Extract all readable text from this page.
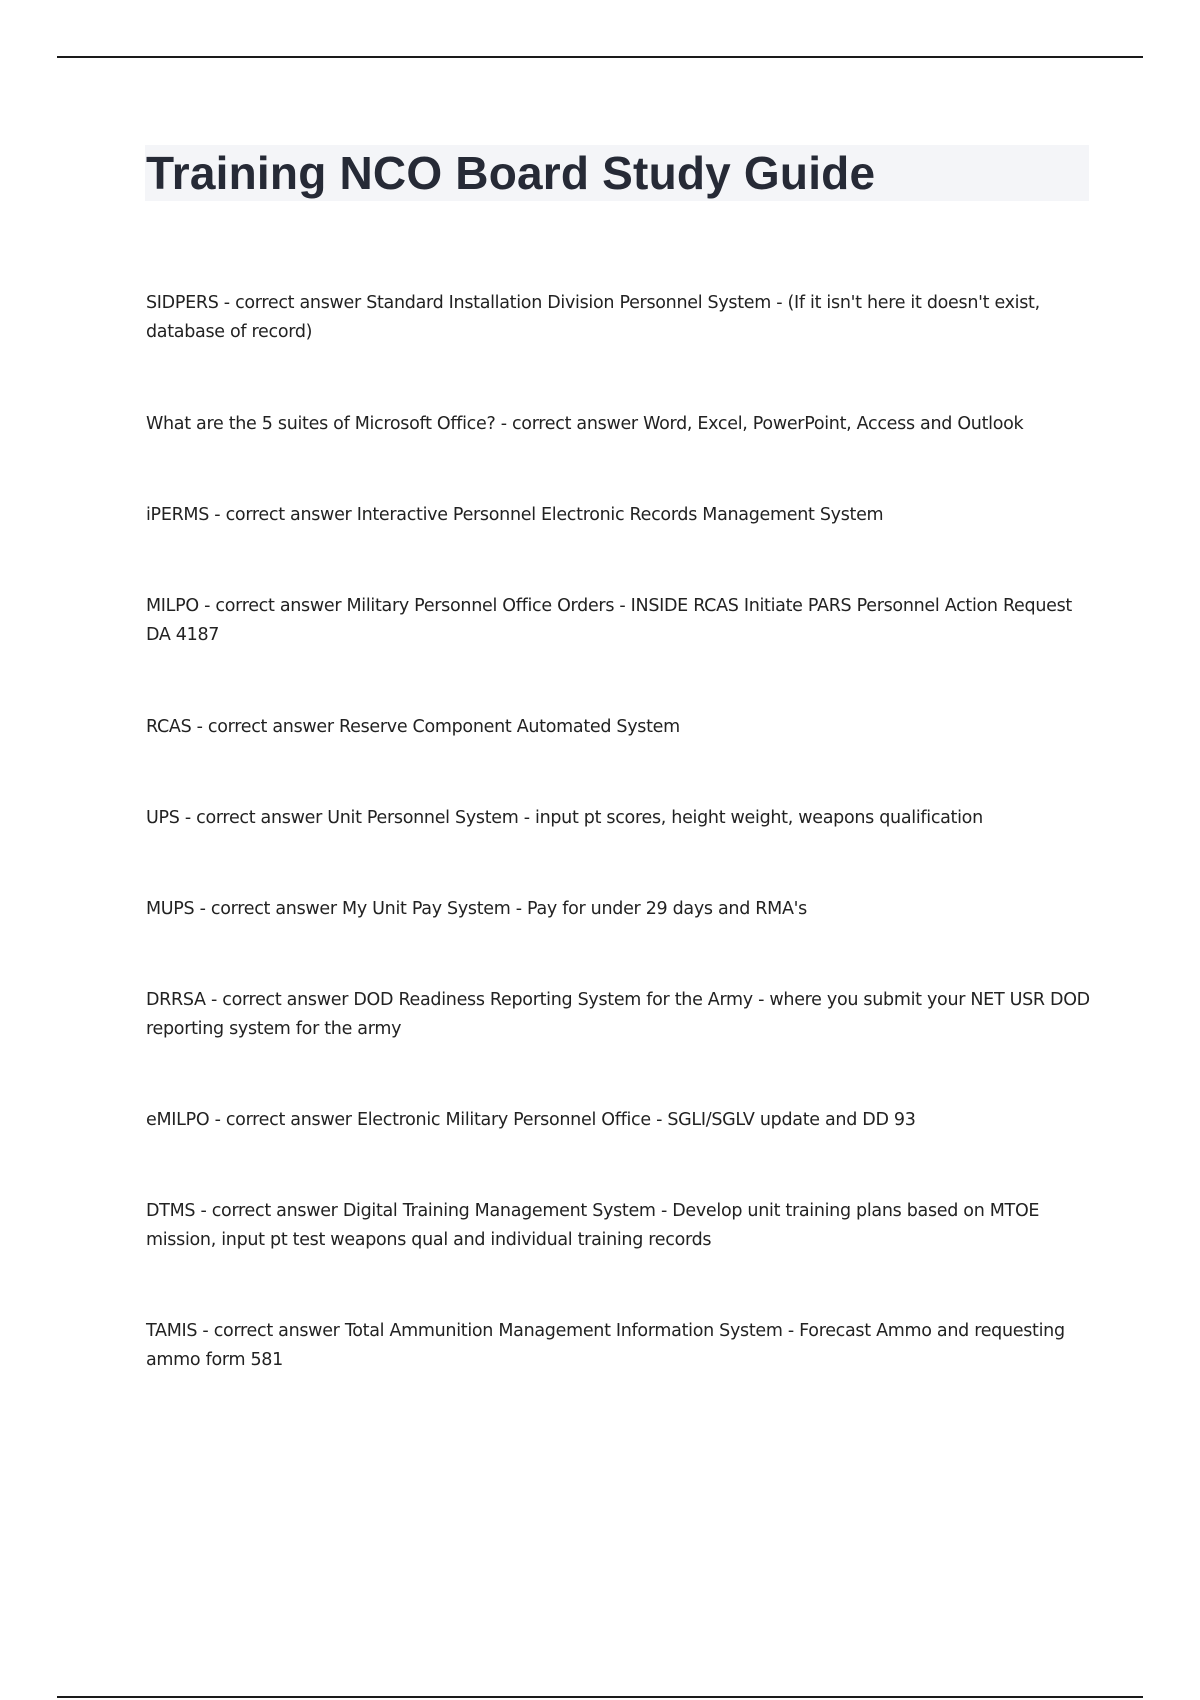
Training NCO Board Study Guide
SIDPERS - correct answer Standard Installation Division Personnel System - (If it isn't here it doesn't exist, database of record)
What are the 5 suites of Microsoft Office? - correct answer Word, Excel, PowerPoint, Access and Outlook
iPERMS - correct answer Interactive Personnel Electronic Records Management System
MILPO - correct answer Military Personnel Office Orders - INSIDE RCAS Initiate PARS Personnel Action Request DA 4187
RCAS - correct answer Reserve Component Automated System
UPS - correct answer Unit Personnel System - input pt scores, height weight, weapons qualification
MUPS - correct answer My Unit Pay System - Pay for under 29 days and RMA's
DRRSA - correct answer DOD Readiness Reporting System for the Army - where you submit your NET USR DOD reporting system for the army
eMILPO - correct answer Electronic Military Personnel Office - SGLI/SGLV update and DD 93
DTMS - correct answer Digital Training Management System - Develop unit training plans based on MTOE mission, input pt test weapons qual and individual training records
TAMIS - correct answer Total Ammunition Management Information System - Forecast Ammo and requesting ammo form 581
